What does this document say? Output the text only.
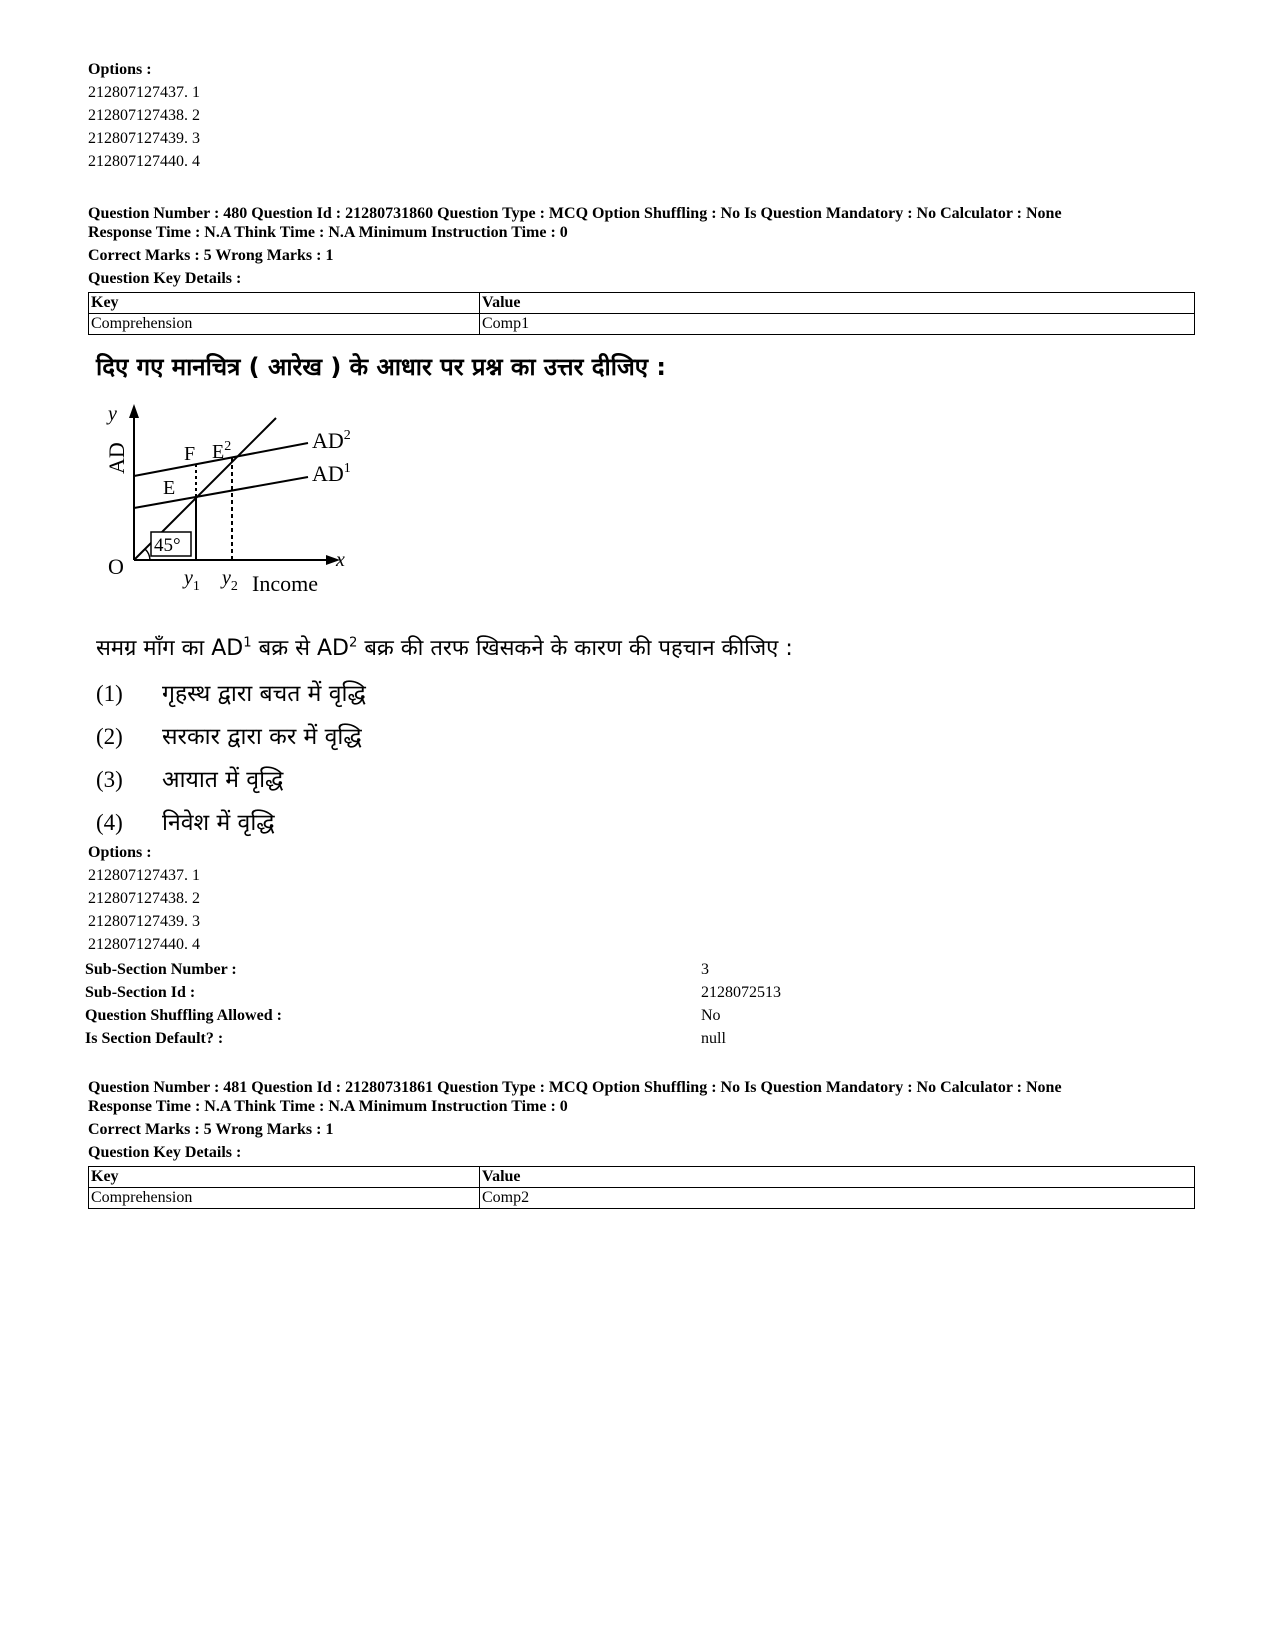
Options :
212807127437. 1
212807127438. 2
212807127439. 3
212807127440. 4
Question Number : 480 Question Id : 21280731860 Question Type : MCQ Option Shuffling : No Is Question Mandatory : No Calculator : None
Response Time : N.A Think Time : N.A Minimum Instruction Time : 0
Correct Marks : 5 Wrong Marks : 1
Question Key Details :
Key	Value
Comprehension	Comp1
दिए गए मानचित्र ( आरेख ) के आधार पर प्रश्न का उत्तर दीजिए :
y
AD
O
F
E
$E^2$	$AD^2$
$AD^1$
45°
x
$y_1$ $y_2$ Income
समग्र माँग का $AD^1$ बक्र से $AD^2$ बक्र की तरफ खिसकने के कारण की पहचान कीजिए :
(1) गृहस्थ द्वारा बचत में वृद्धि
(2) सरकार द्वारा कर में वृद्धि
(3) आयात में वृद्धि
(4) निवेश में वृद्धि
Options :
212807127437. 1
212807127438. 2
212807127439. 3
212807127440. 4
Sub-Section Number :	3
Sub-Section Id :	2128072513
Question Shuffling Allowed :	No
Is Section Default? :	null
Question Number : 481 Question Id : 21280731861 Question Type : MCQ Option Shuffling : No Is Question Mandatory : No Calculator : None
Response Time : N.A Think Time : N.A Minimum Instruction Time : 0
Correct Marks : 5 Wrong Marks : 1
Question Key Details :
Key	Value
Comprehension	Comp2
